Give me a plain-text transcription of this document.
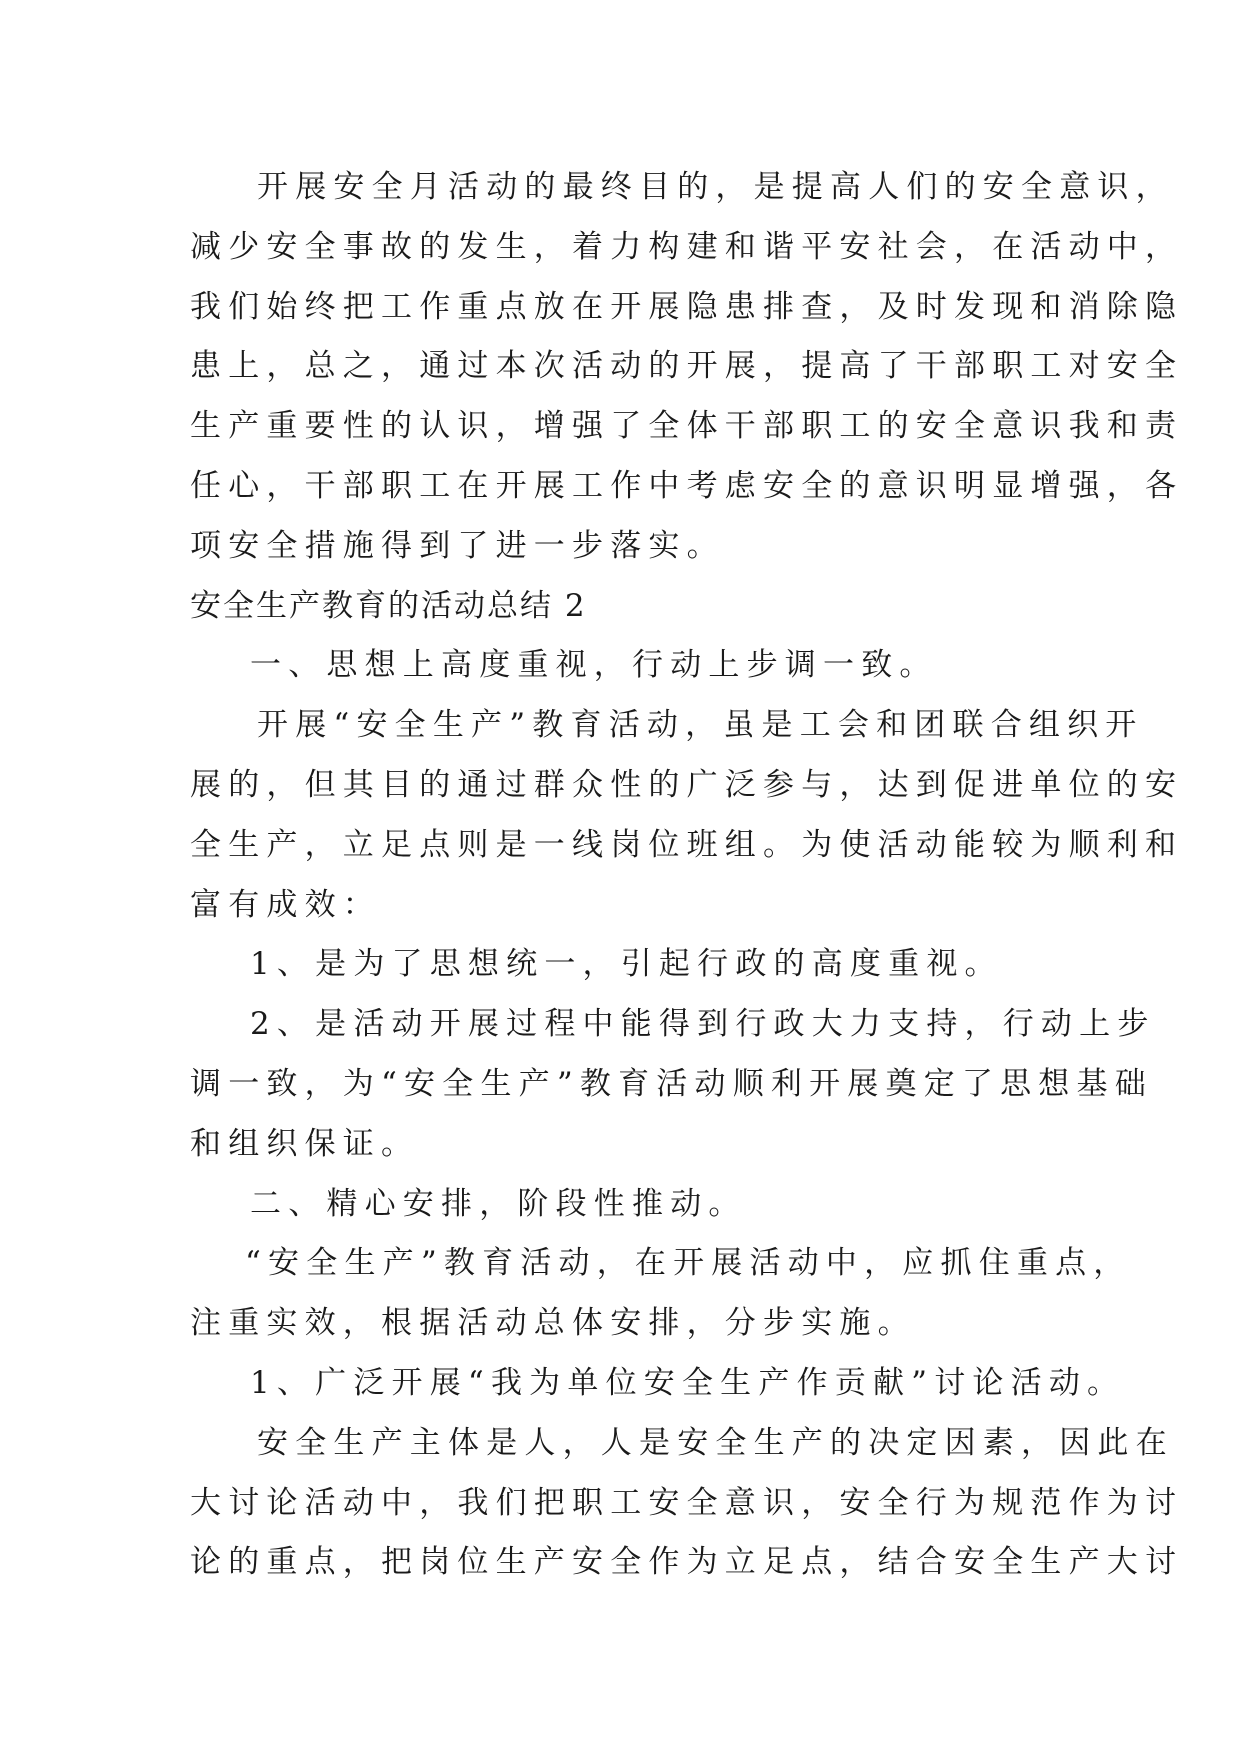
开展安全月活动的最终目的，是提高人们的安全意识，
减少安全事故的发生，着力构建和谐平安社会，在活动中，
我们始终把工作重点放在开展隐患排查，及时发现和消除隐
患上，总之，通过本次活动的开展，提高了干部职工对安全
生产重要性的认识，增强了全体干部职工的安全意识我和责
任心，干部职工在开展工作中考虑安全的意识明显增强，各
项安全措施得到了进一步落实。
安全生产教育的活动总结 2
一、思想上高度重视，行动上步调一致。
开展“安全生产”教育活动，虽是工会和团联合组织开
展的，但其目的通过群众性的广泛参与，达到促进单位的安
全生产，立足点则是一线岗位班组。为使活动能较为顺利和
富有成效：
1、是为了思想统一，引起行政的高度重视。
2、是活动开展过程中能得到行政大力支持，行动上步
调一致，为“安全生产”教育活动顺利开展奠定了思想基础
和组织保证。
二、精心安排，阶段性推动。
“安全生产”教育活动，在开展活动中，应抓住重点，
注重实效，根据活动总体安排，分步实施。
1、广泛开展“我为单位安全生产作贡献”讨论活动。
安全生产主体是人，人是安全生产的决定因素，因此在
大讨论活动中，我们把职工安全意识，安全行为规范作为讨
论的重点，把岗位生产安全作为立足点，结合安全生产大讨
